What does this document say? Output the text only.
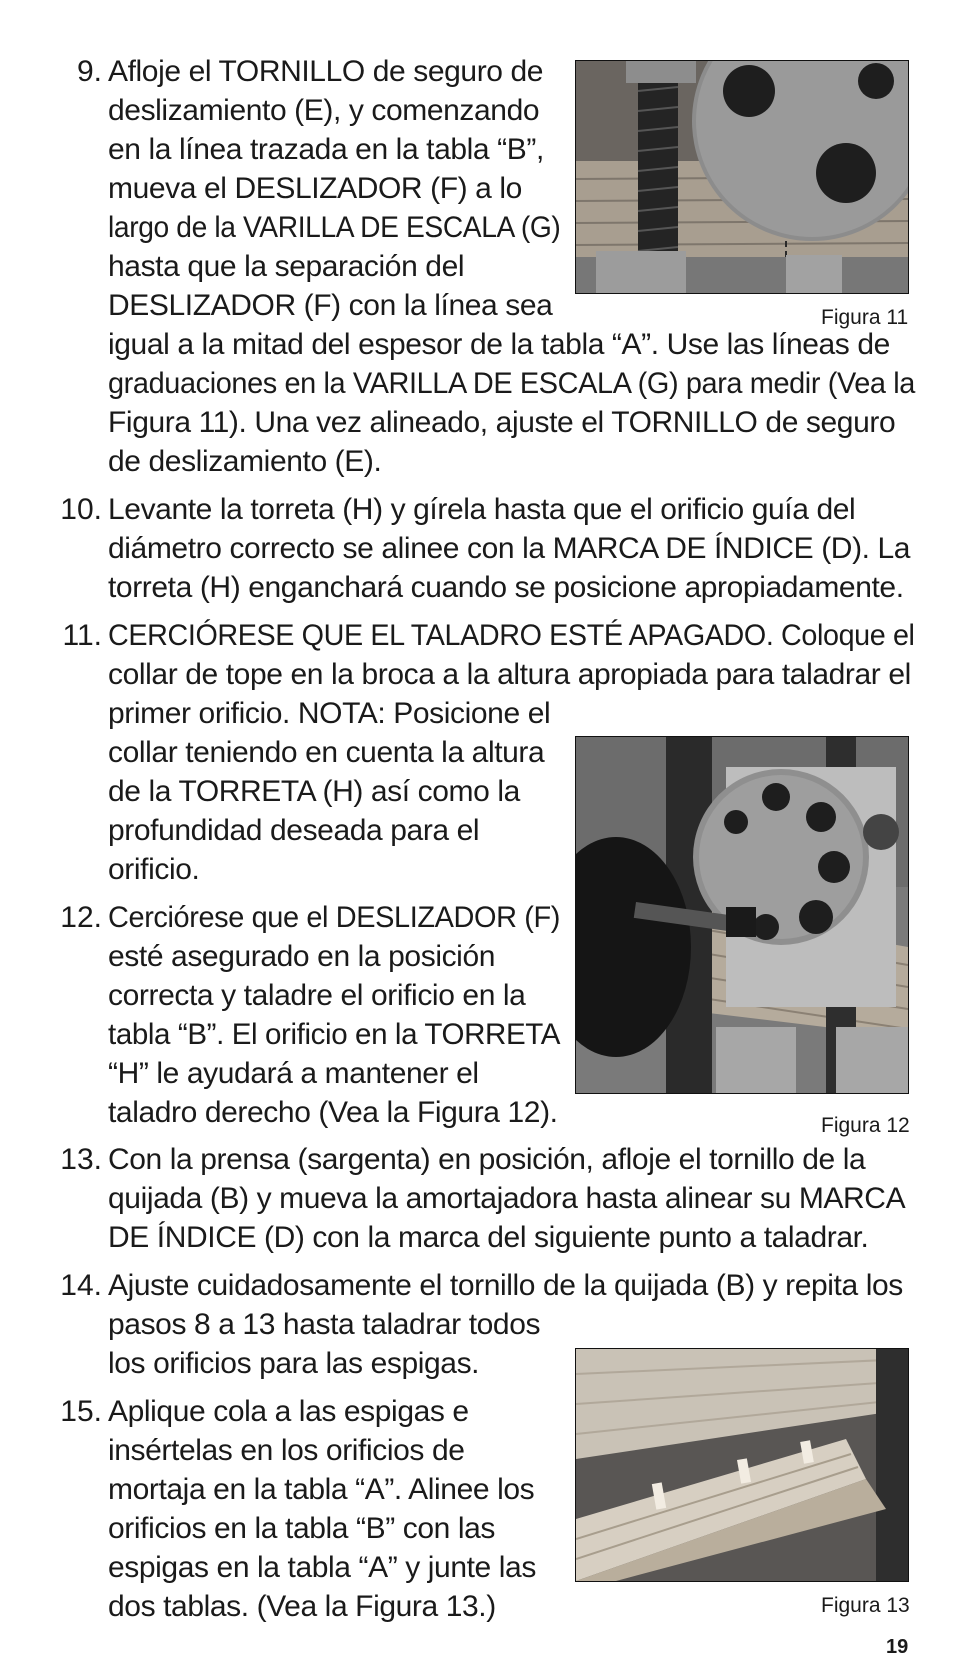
9. Afloje el TORNILLO de seguro de
deslizamiento (E), y comenzando
en la línea trazada en la tabla “B”,
mueva el DESLIZADOR (F) a lo
largo de la VARILLA DE ESCALA (G)
hasta que la separación del
DESLIZADOR (F) con la línea sea
igual a la mitad del espesor de la tabla “A”. Use las líneas de
graduaciones en la VARILLA DE ESCALA (G) para medir (Vea la
Figura 11). Una vez alineado, ajuste el TORNILLO de seguro
de deslizamiento (E).
Figura 11
10. Levante la torreta (H) y gírela hasta que el orificio guía del
diámetro correcto se alinee con la MARCA DE ÍNDICE (D). La
torreta (H) enganchará cuando se posicione apropiadamente.
11. CERCIÓRESE QUE EL TALADRO ESTÉ APAGADO. Coloque el
collar de tope en la broca a la altura apropiada para taladrar el
primer orificio. NOTA: Posicione el
collar teniendo en cuenta la altura
de la TORRETA (H) así como la
profundidad deseada para el
orificio.
Figura 12
12. Cerciórese que el DESLIZADOR (F)
esté asegurado en la posición
correcta y taladre el orificio en la
tabla “B”. El orificio en la TORRETA
“H” le ayudará a mantener el
taladro derecho (Vea la Figura 12).
13. Con la prensa (sargenta) en posición, afloje el tornillo de la
quijada (B) y mueva la amortajadora hasta alinear su MARCA
DE ÍNDICE (D) con la marca del siguiente punto a taladrar.
14. Ajuste cuidadosamente el tornillo de la quijada (B) y repita los
pasos 8 a 13 hasta taladrar todos
los orificios para las espigas.
15. Aplique cola a las espigas e
insértelas en los orificios de
mortaja en la tabla “A”. Alinee los
orificios en la tabla “B” con las
espigas en la tabla “A” y junte las
dos tablas. (Vea la Figura 13.)	Figura 13
19
